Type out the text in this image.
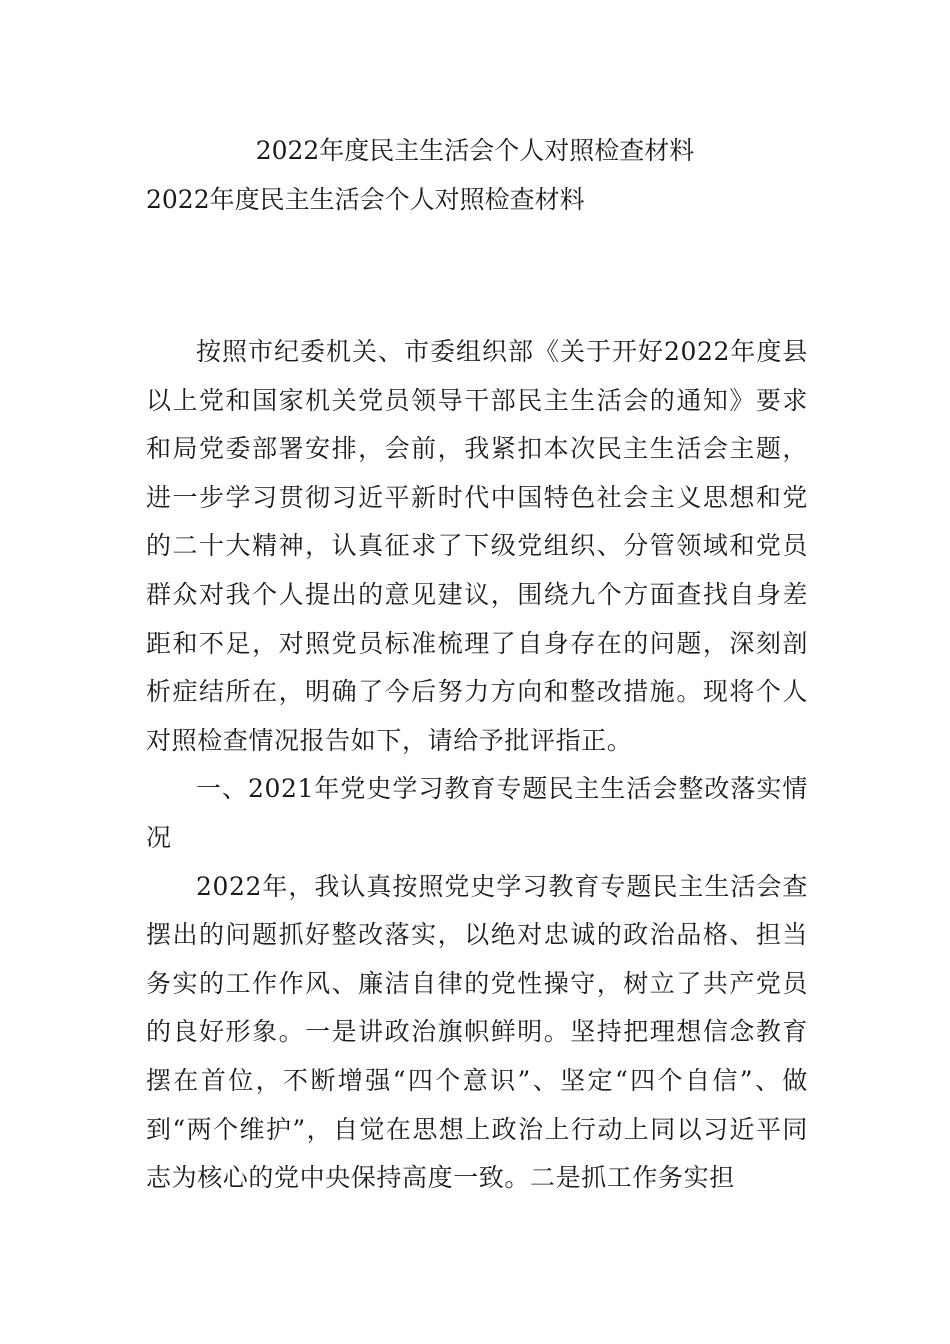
2022年度民主生活会个人对照检查材料
2022年度民主生活会个人对照检查材料

按照市纪委机关、市委组织部《关于开好2022年度县以上党和国家机关党员领导干部民主生活会的通知》要求和局党委部署安排，会前，我紧扣本次民主生活会主题，进一步学习贯彻习近平新时代中国特色社会主义思想和党的二十大精神，认真征求了下级党组织、分管领域和党员群众对我个人提出的意见建议，围绕九个方面查找自身差距和不足，对照党员标准梳理了自身存在的问题，深刻剖析症结所在，明确了今后努力方向和整改措施。现将个人对照检查情况报告如下，请给予批评指正。

一、2021年党史学习教育专题民主生活会整改落实情况

2022年，我认真按照党史学习教育专题民主生活会查摆出的问题抓好整改落实，以绝对忠诚的政治品格、担当务实的工作作风、廉洁自律的党性操守，树立了共产党员的良好形象。一是讲政治旗帜鲜明。坚持把理想信念教育摆在首位，不断增强“四个意识”、坚定“四个自信”、做到“两个维护”，自觉在思想上政治上行动上同以习近平同志为核心的党中央保持高度一致。二是抓工作务实担
